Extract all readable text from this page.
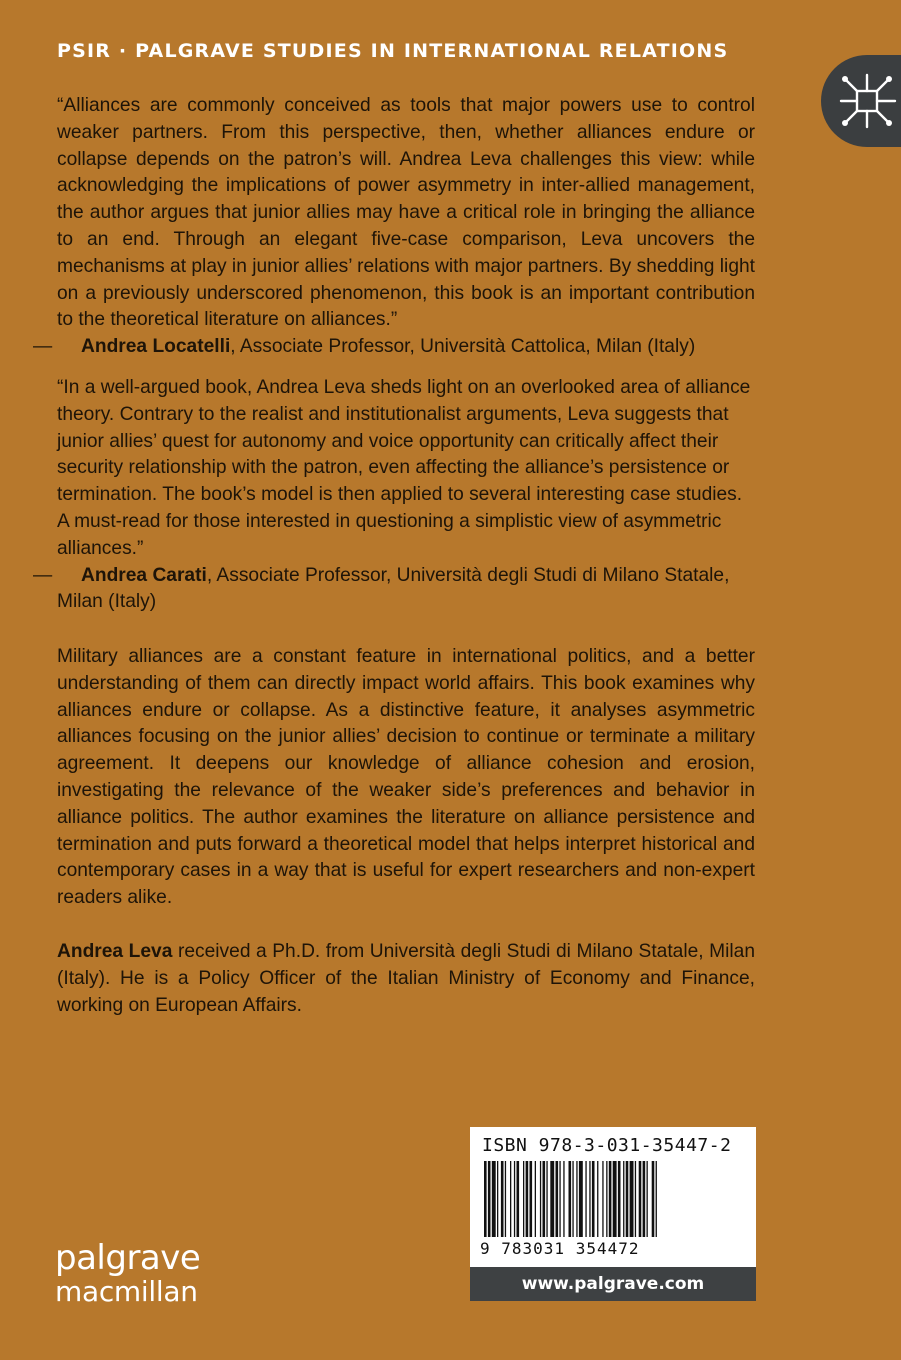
PSIR · PALGRAVE STUDIES IN INTERNATIONAL RELATIONS

“Alliances are commonly conceived as tools that major powers use to control weaker partners. From this perspective, then, whether alliances endure or collapse depends on the patron’s will. Andrea Leva challenges this view: while acknowledging the implications of power asymmetry in inter-allied management, the author argues that junior allies may have a critical role in bringing the alliance to an end. Through an elegant five-case comparison, Leva uncovers the mechanisms at play in junior allies’ relations with major partners. By shedding light on a previously underscored phenomenon, this book is an important contribution to the theoretical literature on alliances.”

— Andrea Locatelli, Associate Professor, Università Cattolica, Milan (Italy)

“In a well-argued book, Andrea Leva sheds light on an overlooked area of alliance theory. Contrary to the realist and institutionalist arguments, Leva suggests that junior allies’ quest for autonomy and voice opportunity can critically affect their security relationship with the patron, even affecting the alliance’s persistence or termination. The book’s model is then applied to several interesting case studies. A must-read for those interested in questioning a simplistic view of asymmetric alliances.”

— Andrea Carati, Associate Professor, Università degli Studi di Milano Statale,
Milan (Italy)

Military alliances are a constant feature in international politics, and a better understanding of them can directly impact world affairs. This book examines why alliances endure or collapse. As a distinctive feature, it analyses asymmetric alliances focusing on the junior allies’ decision to continue or terminate a military agreement. It deepens our knowledge of alliance cohesion and erosion, investigating the relevance of the weaker side’s preferences and behavior in alliance politics. The author examines the literature on alliance persistence and termination and puts forward a theoretical model that helps interpret historical and contemporary cases in a way that is useful for expert researchers and non-expert readers alike.

Andrea Leva received a Ph.D. from Università degli Studi di Milano Statale, Milan (Italy). He is a Policy Officer of the Italian Ministry of Economy and Finance, working on European Affairs.

ISBN 978-3-031-35447-2
9 783031 354472
www.palgrave.com
palgrave
macmillan
